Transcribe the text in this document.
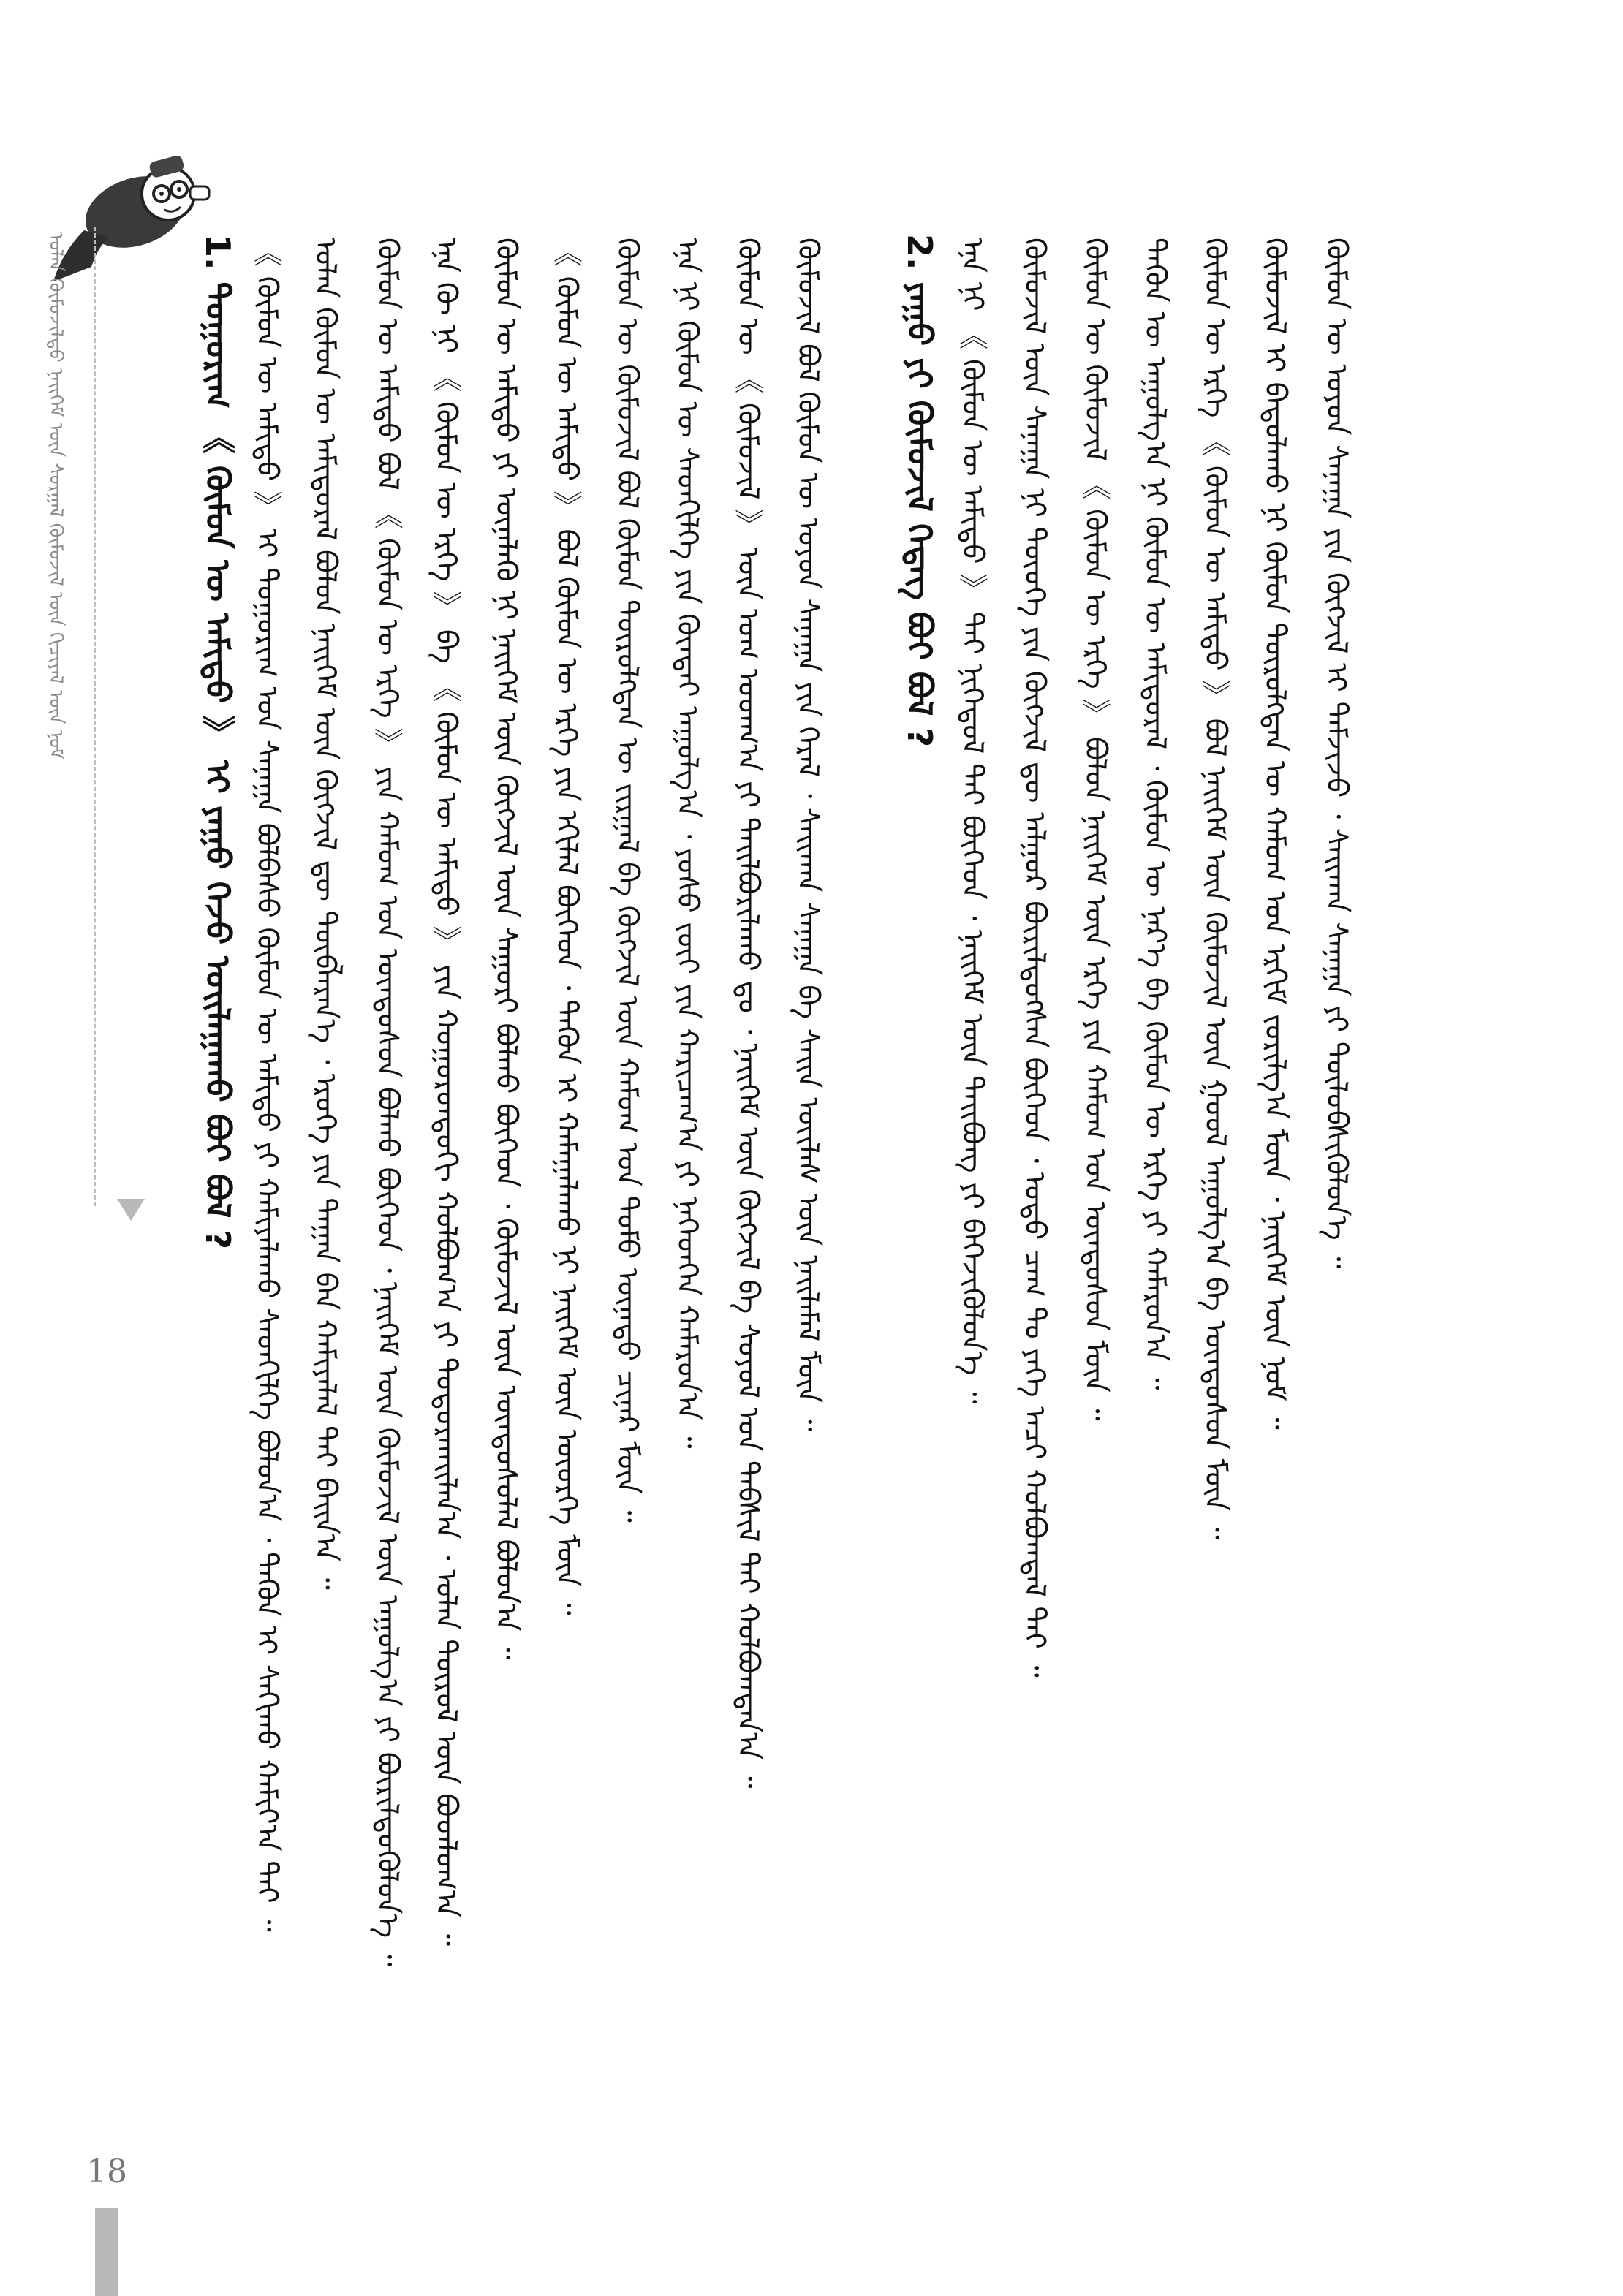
ᠤᠯᠠᠨ ᠬᠦᠮᠦᠵᠢᠯᠲᠦ ᠨᠡᠢᠭᠡᠮ ᠦᠨ ᠰᠤᠷᠭᠠᠯ ᠬᠦᠮᠦᠵᠢᠯ ᠦᠨ ᠬᠢᠴᠢᠶᠡᠯ ᠦᠨ ᠨᠣᠮ	1. ᠲᠣᠭᠤᠷᠢᠭ 《 ᠬᠦᠮᠦᠨ ᠦ ᠠᠮᠢᠳᠤ 》 ᠢ ᠶᠠᠭᠤ ᠭᠡᠵᠦ ᠣᠢᠯᠠᠭᠠᠬᠤ ᠪᠤᠢ ᠪᠤᠯ ? 《 ᠬᠦᠮᠦᠨ ᠦ ᠠᠮᠢᠳᠤ 》 ᠢ ᠲᠣᠭᠤᠷᠢᠭ ᠤᠨ ᠰᠠᠨᠠᠭᠠ ᠪᠣᠯᠪᠠᠰᠤ ᠬᠦᠮᠦᠨ ᠦ ᠠᠮᠢᠳᠤ ᠶᠢ ᠬᠠᠮᠢᠶᠠᠯᠠᠬᠤ ᠰᠡᠳᠭᠢᠯᠭᠡ ᠪᠣᠯᠣᠨ᠎ᠠ ᠂ ᠲᠡᠭᠦᠨ ᠢ ᠰᠠᠬᠢᠬᠤ ᠬᠠᠮᠢᠶ᠎ᠠ ᠲᠠᠢ ᠃ ᠣᠯᠠᠨ ᠬᠦᠮᠦᠨ ᠦ ᠠᠮᠢᠳᠤᠷᠠᠯ ᠪᠣᠯᠣᠨ ᠨᠡᠢᠭᠡᠮ ᠦᠨ ᠬᠥᠭᠵᠢᠯ ᠳᠦ ᠲᠥᠪᠯᠡᠷᠡᠨ᠎ᠡ ᠂ ᠡᠷᠦᠬᠡ ᠶᠢᠨ ᠳᠠᠭᠠᠨ ᠪᠠᠨ ᠬᠠᠮᠢᠶᠠᠯᠠᠯ ᠲᠠᠢ ᠪᠠᠢᠨ᠎ᠠ ᠃ ᠬᠦᠮᠦᠨ ᠦ ᠠᠮᠢᠳᠤ ᠪᠣᠯ 《 ᠬᠦᠮᠦᠨ ᠦ ᠡᠷᠬᠡ 》 ᠶᠢᠨ ᠬᠠᠮᠤᠭ ᠤᠨ ᠦᠨᠳᠦᠰᠦᠨ ᠪᠣᠯᠬᠤ ᠪᠥᠭᠡᠳ ᠂ ᠨᠡᠢᠭᠡᠮ ᠦᠨ ᠬᠦᠮᠦᠵᠢᠯ ᠦᠨ ᠠᠭᠤᠯᠭ᠎ᠠ ᠶᠢ ᠪᠦᠷᠢᠯᠳᠦᠭᠦᠯᠦᠨ᠎ᠡ ᠃ ᠡᠨᠡ ᠬᠦ ᠨᠢ 《 ᠬᠦᠮᠦᠨ ᠦ ᠡᠷᠬᠡ 》 ᠪᠠ 《 ᠬᠦᠮᠦᠨ ᠦ ᠠᠮᠢᠳᠤ 》 ᠶᠢᠨ ᠬᠣᠭᠣᠷᠣᠨᠳᠤᠬᠢ ᠬᠣᠯᠪᠣᠭ᠎ᠠ ᠶᠢ ᠲᠣᠳᠤᠷᠬᠠᠢᠯᠠᠨ᠎ᠠ ᠂ ᠣᠯᠠᠨ ᠲᠥᠷᠦᠯ ᠦᠨ ᠪᠣᠳᠯᠣᠭ᠎ᠠ ᠃ ᠬᠦᠮᠦᠨ ᠦ ᠠᠮᠢᠳᠤ ᠶᠢ ᠦᠨᠡᠯᠡᠬᠦ ᠨᠢ ᠨᠡᠢᠭᠡᠮ ᠦᠨ ᠬᠥᠭᠵᠢᠯ ᠦᠨ ᠰᠠᠭᠤᠷᠢ ᠪᠣᠯᠬᠤ ᠪᠥᠭᠡᠳ ᠂ ᠬᠦᠮᠦᠵᠢᠯ ᠦᠨ ᠦᠨᠳᠦᠰᠦᠯᠡᠯ ᠪᠣᠯᠣᠨ᠎ᠠ ᠃ 《 ᠬᠦᠮᠦᠨ ᠦ ᠠᠮᠢᠳᠤ 》 ᠪᠣᠯ ᠬᠦᠮᠦᠨ ᠦ ᠡᠷᠬᠡ ᠶᠢᠨ ᠡᠬᠢᠯᠡᠯ ᠪᠥᠭᠡᠳ ᠂ ᠲᠡᠭᠦᠨ ᠢ ᠬᠠᠮᠠᠭᠠᠯᠠᠬᠤ ᠨᠢ ᠨᠡᠢᠭᠡᠮ ᠦᠨ ᠦᠦᠷᠭᠡ ᠮᠥᠨ ᠃ ᠬᠦᠮᠦᠨ ᠦ ᠬᠦᠮᠦᠵᠢᠯ ᠪᠣᠯ ᠬᠦᠮᠦᠨ ᠲᠥᠷᠦᠯᠬᠲᠡᠨ ᠦ ᠵᠢᠷᠭᠠᠯ ᠪᠠ ᠬᠥᠭᠵᠢᠯ ᠦᠨ ᠬᠠᠮᠤᠭ ᠤᠨ ᠲᠣᠮᠣ ᠦᠨᠡᠲᠦ ᠴᠢᠨᠠᠷ ᠮᠥᠨ ᠃ ᠡᠨᠡ ᠨᠢ ᠬᠦᠮᠦᠨ ᠦ ᠰᠡᠳᠭᠢᠯᠭᠡ ᠶᠢᠨ ᠭᠦᠨᠳᠡᠢ ᠠᠭᠤᠯᠭ᠎ᠠ ᠂ ᠶᠣᠰᠤ ᠵᠦᠢ ᠶᠢᠨ ᠬᠠᠷᠢᠴᠠᠭ᠎ᠠ ᠶᠢ ᠨᠡᠭᠡᠳᠭᠡᠨ ᠬᠠᠮᠠᠷᠤᠨ᠎ᠠ ᠃ ᠬᠦᠮᠦᠨ ᠦ 《 ᠬᠦᠮᠦᠵᠢᠯ 》 ᠦᠨ ᠤᠭ ᠤᠳᠬ᠎ᠠ ᠶᠢ ᠲᠠᠢᠯᠪᠤᠷᠢᠯᠠᠬᠤ ᠳᠤ ᠂ ᠨᠡᠢᠭᠡᠮ ᠦᠨ ᠬᠥᠭᠵᠢᠯ ᠪᠠ ᠰᠣᠶᠣᠯ ᠤᠨ ᠳᠡᠪᠰᠢᠯ ᠲᠠᠢ ᠬᠣᠯᠪᠣᠭᠳᠠᠨ᠎ᠠ ᠃ ᠬᠦᠮᠦᠵᠢᠯ ᠪᠣᠯ ᠬᠦᠮᠦᠨ ᠦ ᠣᠶᠤᠨ ᠰᠠᠨᠠᠭᠠ ᠶᠢᠨ ᠭᠡᠷᠡᠯ ᠂ ᠰᠠᠢᠬᠠᠨ ᠰᠠᠨᠠᠭᠠ ᠪᠠ ᠰᠠᠢᠨ ᠦᠢᠯᠡᠰ ᠦᠨ ᠨᠡᠢᠯᠡᠮᠡᠯ ᠮᠥᠨ ᠃ 2. ᠶᠠᠭᠤ ᠶᠢ ᠬᠦᠮᠦᠵᠢᠯ ᠭᠡᠳᠡᠭ ᠪᠤᠢ ᠪᠤᠯ ? ᠡᠨᠡ ᠨᠢ 《 ᠬᠦᠮᠦᠨ ᠦ ᠠᠮᠢᠳᠤ 》 ᠲᠠᠢ ᠨᠢᠭᠡᠳᠦᠯ ᠲᠠᠢ ᠪᠥᠭᠡᠳ ᠂ ᠨᠡᠢᠭᠡᠮ ᠦᠨ ᠲᠠᠢᠪᠤᠩ ᠶᠢ ᠪᠡᠬᠡᠵᠢᠭᠦᠯᠦᠨ᠎ᠡ ᠃ ᠬᠦᠮᠦᠵᠢᠯ ᠦᠨ ᠰᠠᠨᠠᠭᠠ ᠨᠢ ᠲᠦᠦᠬᠡ ᠶᠢᠨ ᠬᠥᠭᠵᠢᠯ ᠳᠦ ᠠᠯᠭᠤᠷ ᠪᠦᠷᠢᠯᠳᠦᠭᠰᠡᠨ ᠪᠥᠭᠡᠳ ᠂ ᠣᠳᠣ ᠴᠠᠭ ᠲᠤ ᠶᠡᠬᠡ ᠠᠴᠢ ᠬᠣᠯᠪᠣᠭᠳᠠᠯ ᠲᠠᠢ ᠃ ᠬᠦᠮᠦᠨ ᠦ ᠬᠦᠮᠦᠵᠢᠯ 《 ᠬᠦᠮᠦᠨ ᠦ ᠡᠷᠬᠡ 》 ᠪᠣᠯᠣᠨ ᠨᠡᠢᠭᠡᠮ ᠦᠨ ᠡᠷᠬᠡ ᠶᠢᠨ ᠬᠠᠮᠤᠭ ᠤᠨ ᠦᠨᠳᠦᠰᠦᠨ ᠮᠥᠨ ᠃ ᠲᠡᠭᠦᠨ ᠦ ᠠᠭᠤᠯᠭ᠎ᠠ ᠨᠢ ᠬᠦᠮᠦᠨ ᠦ ᠠᠮᠢᠳᠤᠷᠠᠯ ᠂ ᠬᠦᠮᠦᠨ ᠦ ᠨᠡᠷ᠎ᠡ ᠪᠠ ᠬᠦᠮᠦᠨ ᠦ ᠡᠷᠬᠡ ᠶᠢ ᠬᠠᠮᠠᠷᠤᠨ᠎ᠠ ᠃ ᠬᠦᠮᠦᠨ ᠦ ᠡᠷᠬᠡ 《 ᠬᠦᠮᠦᠨ ᠦ ᠠᠮᠢᠳᠤ 》 ᠪᠣᠯ ᠨᠡᠢᠭᠡᠮ ᠦᠨ ᠬᠦᠮᠦᠵᠢᠯ ᠦᠨ ᠭᠣᠣᠯ ᠠᠭᠤᠯᠭ᠎ᠠ ᠪᠠ ᠦᠨᠳᠦᠰᠦᠨ ᠮᠥᠨ ᠃ ᠬᠦᠮᠦᠵᠢᠯ ᠢ ᠪᠠᠲᠤᠯᠠᠬᠤ ᠨᠢ ᠬᠦᠮᠦᠨ ᠲᠥᠷᠦᠯᠬᠲᠡᠨ ᠦ ᠬᠠᠮᠤᠭ ᠤᠨ ᠡᠷᠬᠢᠮ ᠵᠣᠷᠢᠯᠭ᠎ᠠ ᠮᠥᠨ ᠂ ᠨᠡᠢᠭᠡᠮ ᠦᠨ ᠨᠣᠮ ᠃ ᠬᠦᠮᠦᠨ ᠦ ᠣᠶᠤᠨ ᠰᠠᠨᠠᠭᠠ ᠶᠢᠨ ᠬᠥᠭᠵᠢᠯ ᠢ ᠳᠡᠮᠵᠢᠵᠦ ᠂ ᠰᠠᠢᠬᠠᠨ ᠰᠠᠨᠠᠭᠠ ᠶᠢ ᠲᠥᠯᠥᠪᠰᠢᠭᠦᠯᠦᠨ᠎ᠡ ᠃
18
